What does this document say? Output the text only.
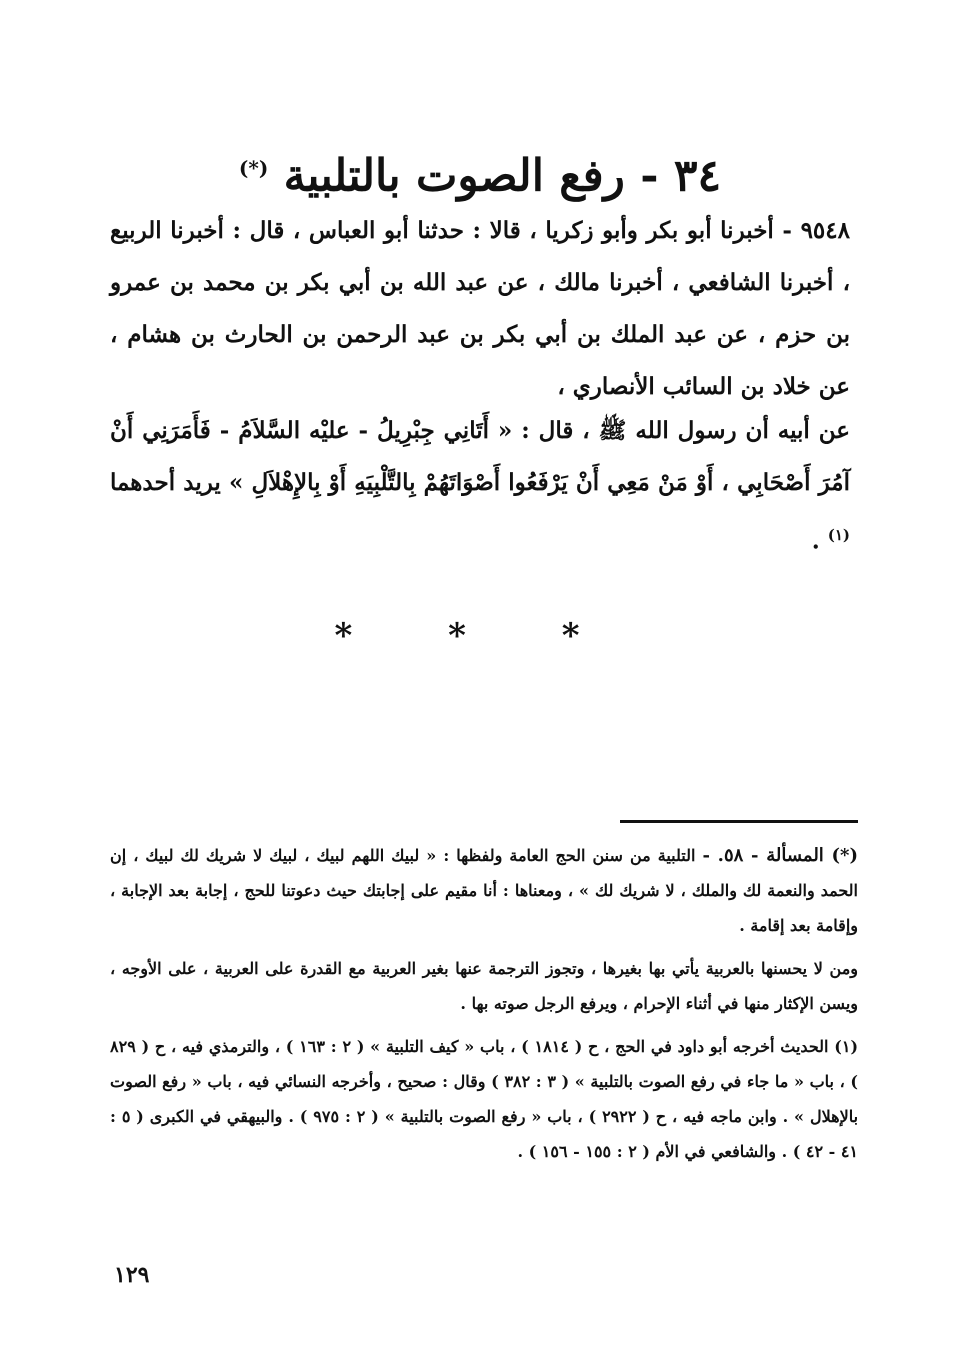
٣٤ - رفع الصوت بالتلبية (*)
٩٥٤٨ - أخبرنا أبو بكر وأبو زكريا ، قالا : حدثنا أبو العباس ، قال : أخبرنا الربيع ، أخبرنا الشافعي ، أخبرنا مالك ، عن عبد الله بن أبي بكر بن محمد بن عمرو بن حزم ، عن عبد الملك بن أبي بكر بن عبد الرحمن بن الحارث بن هشام ، عن خلاد بن السائب الأنصاري ،
عن أبيه أن رسول الله ﷺ ، قال : « أَتَانِي جِبْرِيلُ - عليْه السَّلاَمُ - فَأَمَرَنِي أَنْ آمُرَ أَصْحَابِي ، أَوْ مَنْ مَعِي أَنْ يَرْفَعُوا أَصْوَاتَهُمْ بِالتَّلْبِيَهِ أَوْ بِالإِهْلاَلِ » يريد أحدهما $^{(١)}$ .
* * *

(*) المسألة - ٥٨. - التلبية من سنن الحج العامة ولفظها : « لبيك اللهم لبيك ، لبيك لا شريك لك لبيك ، إن الحمد والنعمة لك والملك ، لا شريك لك » ، ومعناها : أنا مقيم على إجابتك حيث دعوتنا للحج ، إجابة بعد الإجابة ، وإقامة بعد إقامة .

ومن لا يحسنها بالعربية يأتي بها بغيرها ، وتجوز الترجمة عنها بغير العربية مع القدرة على العربية ، على الأوجه ، ويسن الإكثار منها في أثناء الإحرام ، ويرفع الرجل صوته بها .

(١) الحديث أخرجه أبو داود في الحج ، ح ( ١٨١٤ ) ، باب « كيف التلبية » ( ٢ : ١٦٣ ) ، والترمذي فيه ، ح ( ٨٢٩ ) ، باب « ما جاء في رفع الصوت بالتلبية » ( ٣ : ٣٨٢ ) وقال : صحيح ، وأخرجه النسائي فيه ، باب « رفع الصوت بالإهلال » . وابن ماجه فيه ، ح ( ٢٩٢٢ ) ، باب « رفع الصوت بالتلبية » ( ٢ : ٩٧٥ ) . والبيهقي في الكبرى ( ٥ : ٤١ - ٤٢ ) . والشافعي في الأم ( ٢ : ١٥٥ - ١٥٦ ) .

١٢٩
